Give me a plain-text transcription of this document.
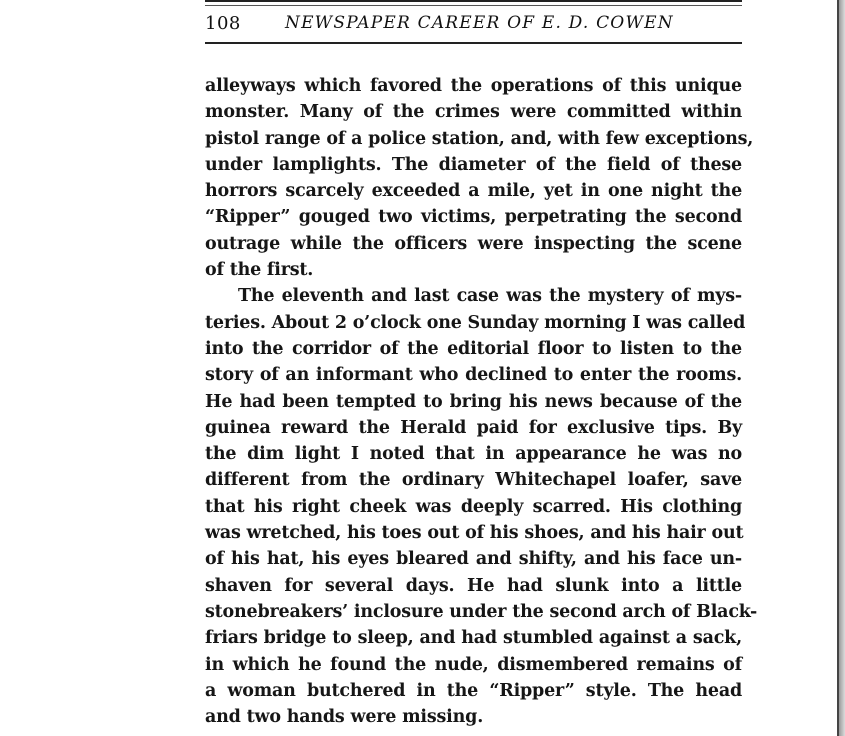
108	NEWSPAPER CAREER OF E. D. COWEN
alleyways which favored the operations of this unique
monster. Many of the crimes were committed within
pistol range of a police station, and, with few exceptions,
under lamplights. The diameter of the field of these
horrors scarcely exceeded a mile, yet in one night the
“Ripper” gouged two victims, perpetrating the second
outrage while the officers were inspecting the scene
of the first.
The eleventh and last case was the mystery of mys-
teries. About 2 o’clock one Sunday morning I was called
into the corridor of the editorial floor to listen to the
story of an informant who declined to enter the rooms.
He had been tempted to bring his news because of the
guinea reward the Herald paid for exclusive tips. By
the dim light I noted that in appearance he was no
different from the ordinary Whitechapel loafer, save
that his right cheek was deeply scarred. His clothing
was wretched, his toes out of his shoes, and his hair out
of his hat, his eyes bleared and shifty, and his face un-
shaven for several days. He had slunk into a little
stonebreakers’ inclosure under the second arch of Black-
friars bridge to sleep, and had stumbled against a sack,
in which he found the nude, dismembered remains of
a woman butchered in the “Ripper” style. The head
and two hands were missing.
